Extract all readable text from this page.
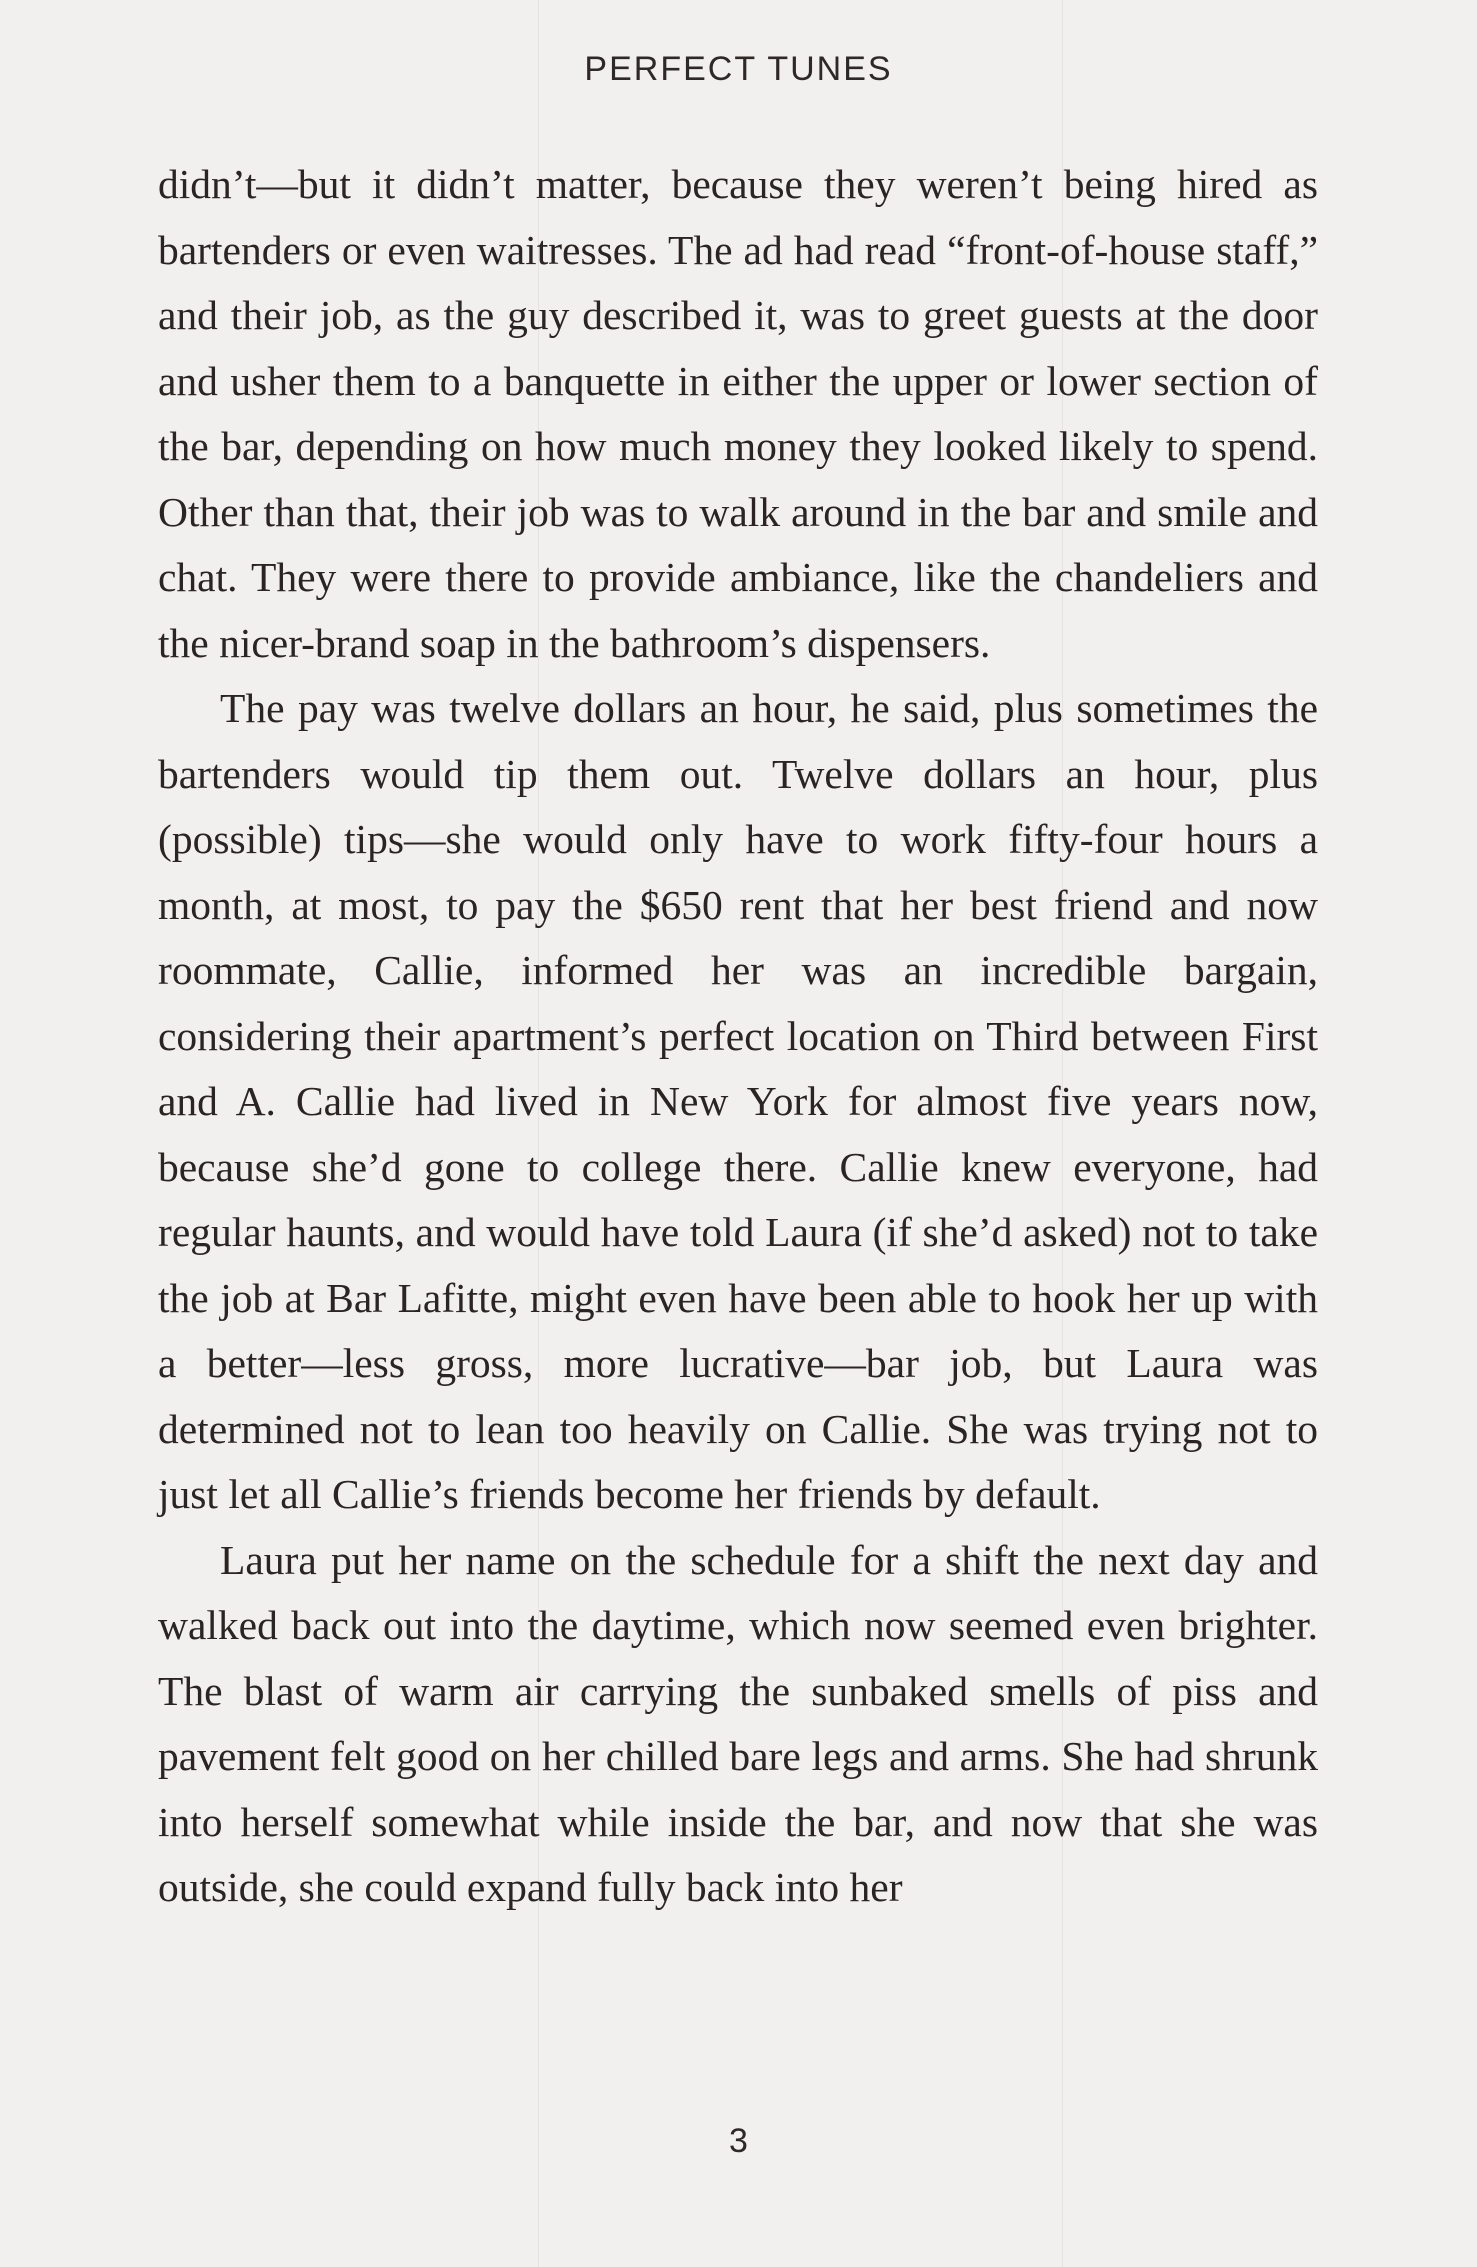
PERFECT TUNES

didn’t—but it didn’t matter, because they weren’t being hired as bartenders or even waitresses. The ad had read “front-of-house staff,” and their job, as the guy described it, was to greet guests at the door and usher them to a banquette in either the upper or lower section of the bar, depending on how much money they looked likely to spend. Other than that, their job was to walk around in the bar and smile and chat. They were there to provide ambiance, like the chandeliers and the nicer-brand soap in the bathroom’s dispensers.

The pay was twelve dollars an hour, he said, plus sometimes the bartenders would tip them out. Twelve dollars an hour, plus (possible) tips—she would only have to work fifty-four hours a month, at most, to pay the $650 rent that her best friend and now roommate, Callie, informed her was an incredible bargain, considering their apartment’s perfect location on Third between First and A. Callie had lived in New York for almost five years now, because she’d gone to college there. Callie knew everyone, had regular haunts, and would have told Laura (if she’d asked) not to take the job at Bar Lafitte, might even have been able to hook her up with a better—less gross, more lucrative—bar job, but Laura was determined not to lean too heavily on Callie. She was trying not to just let all Callie’s friends become her friends by default.

Laura put her name on the schedule for a shift the next day and walked back out into the daytime, which now seemed even brighter. The blast of warm air carrying the sunbaked smells of piss and pavement felt good on her chilled bare legs and arms. She had shrunk into herself somewhat while inside the bar, and now that she was outside, she could expand fully back into her

3
